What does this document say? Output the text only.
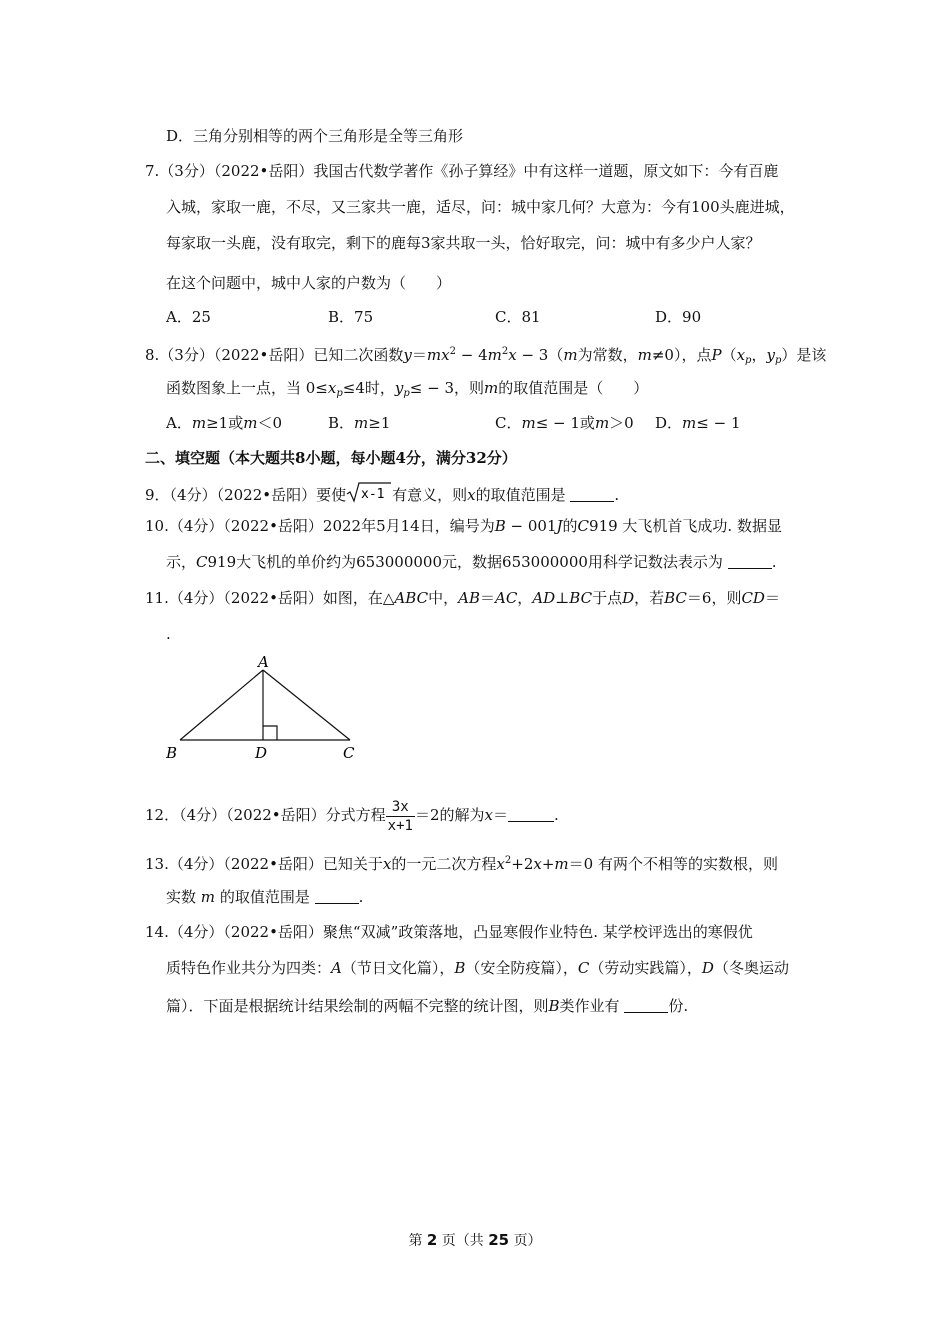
D．三角分别相等的两个三角形是全等三角形
7.（3分）（2022•岳阳）我国古代数学著作《孙子算经》中有这样一道题，原文如下：今有百鹿
入城，家取一鹿，不尽，又三家共一鹿，适尽，问：城中家几何？大意为：今有100头鹿进城，
每家取一头鹿，没有取完，剩下的鹿每3家共取一头，恰好取完，问：城中有多少户人家？
在这个问题中，城中人家的户数为（　　）
A．25	B．75	C．81	D．90
8.（3分）（2022•岳阳）已知二次函数$y=mx^2 - 4m^2x - 3(m$为常数，m≠0），点$P(x_p$，$y_p$）是该
函数图象上一点，当 $0\le x_p\le 4$时，$y_p\le - 3$，则m的取值范围是（　　）
A．m≥1或m＜0	B．m≥1	C．m≤ − 1或m＞0 D．m≤ − 1
二、填空题（本大题共8小题，每小题4分，满分32分）
9．（4分）（2022•岳阳）要使 x-1 有意义，则x的取值范围是	.
10.（4分）（2022•岳阳）2022年5月14日，编号为B − 001J的C919 大飞机首飞成功. 数据显
示，C919大飞机的单价约为653000000元，数据653000000用科学记数法表示为	.
11.（4分）（2022•岳阳）如图，在△ABC中，AB＝AC，AD⊥BC于点D，若BC＝6，则CD＝
.
A
B	D	C
12．（4分）（2022•岳阳）分式方程 $\frac{3x}{x+1} =2$的解为x＝	.
13.（4分）（2022•岳阳）已知关于x的一元二次方程$x^2+2x+m=0$ 有两个不相等的实数根，则
实数 m 的取值范围是	.
14.（4分）（2022•岳阳）聚焦“双减”政策落地，凸显寒假作业特色. 某学校评选出的寒假优
质特色作业共分为四类：A（节日文化篇），B（安全防疫篇），C（劳动实践篇），D（冬奥运动
篇）．下面是根据统计结果绘制的两幅不完整的统计图，则B类作业有	份.
第 2 页（共 25 页）
